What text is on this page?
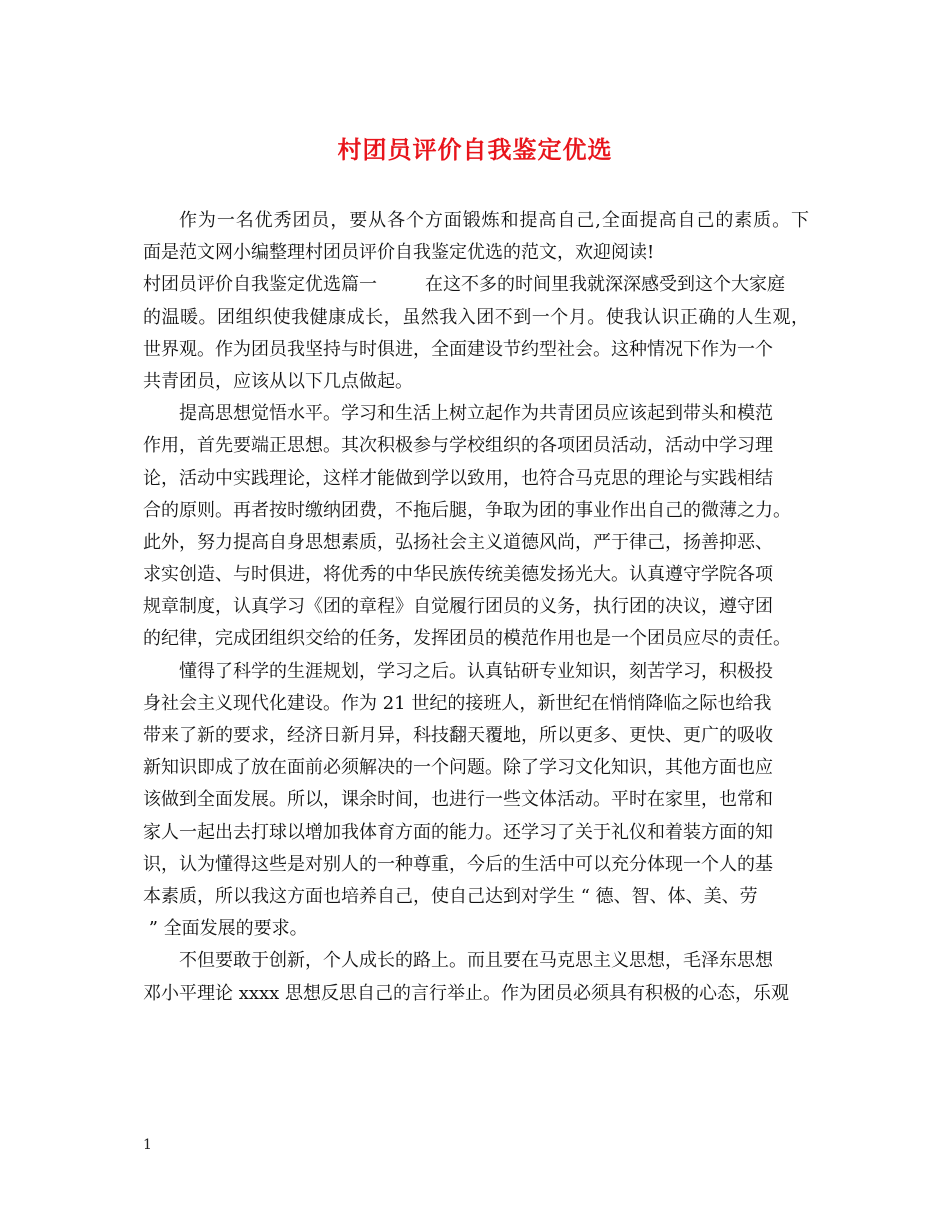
村团员评价自我鉴定优选
作为一名优秀团员，要从各个方面锻炼和提高自己,全面提高自己的素质。下
面是范文网小编整理村团员评价自我鉴定优选的范文，欢迎阅读!
村团员评价自我鉴定优选篇一	在这不多的时间里我就深深感受到这个大家庭
的温暖。团组织使我健康成长，虽然我入团不到一个月。使我认识正确的人生观，
世界观。作为团员我坚持与时俱进，全面建设节约型社会。这种情况下作为一个
共青团员，应该从以下几点做起。
提高思想觉悟水平。学习和生活上树立起作为共青团员应该起到带头和模范
作用，首先要端正思想。其次积极参与学校组织的各项团员活动，活动中学习理
论，活动中实践理论，这样才能做到学以致用，也符合马克思的理论与实践相结
合的原则。再者按时缴纳团费，不拖后腿，争取为团的事业作出自己的微薄之力。
此外，努力提高自身思想素质，弘扬社会主义道德风尚，严于律己，扬善抑恶、
求实创造、与时俱进，将优秀的中华民族传统美德发扬光大。认真遵守学院各项
规章制度，认真学习《团的章程》自觉履行团员的义务，执行团的决议，遵守团
的纪律，完成团组织交给的任务，发挥团员的模范作用也是一个团员应尽的责任。
懂得了科学的生涯规划，学习之后。认真钻研专业知识，刻苦学习，积极投
身社会主义现代化建设。作为 21 世纪的接班人，新世纪在悄悄降临之际也给我
带来了新的要求，经济日新月异，科技翻天覆地，所以更多、更快、更广的吸收
新知识即成了放在面前必须解决的一个问题。除了学习文化知识，其他方面也应
该做到全面发展。所以，课余时间，也进行一些文体活动。平时在家里，也常和
家人一起出去打球以增加我体育方面的能力。还学习了关于礼仪和着装方面的知
识，认为懂得这些是对别人的一种尊重，今后的生活中可以充分体现一个人的基
本素质，所以我这方面也培养自己，使自己达到对学生 “ 德、智、体、美、劳
” 全面发展的要求。
不但要敢于创新，个人成长的路上。而且要在马克思主义思想，毛泽东思想
邓小平理论 xxxx 思想反思自己的言行举止。作为团员必须具有积极的心态，乐观
1
